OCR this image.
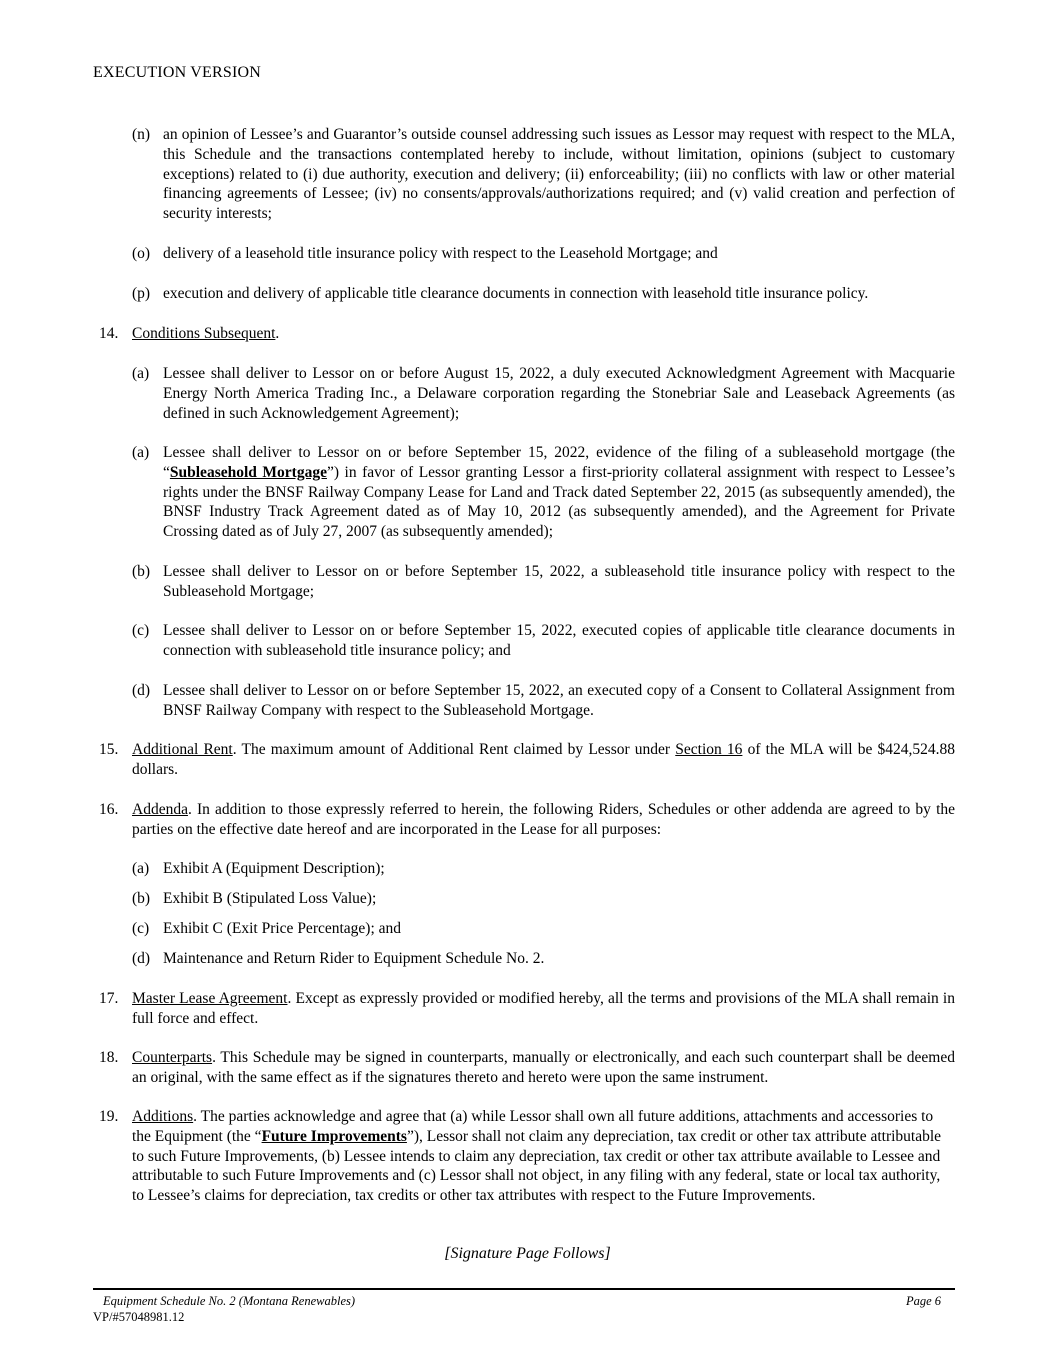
EXECUTION VERSION
(n) an opinion of Lessee’s and Guarantor’s outside counsel addressing such issues as Lessor may request with respect to the MLA, this Schedule and the transactions contemplated hereby to include, without limitation, opinions (subject to customary exceptions) related to (i) due authority, execution and delivery; (ii) enforceability; (iii) no conflicts with law or other material financing agreements of Lessee; (iv) no consents/approvals/authorizations required; and (v) valid creation and perfection of security interests;
(o) delivery of a leasehold title insurance policy with respect to the Leasehold Mortgage; and
(p) execution and delivery of applicable title clearance documents in connection with leasehold title insurance policy.
14. Conditions Subsequent.
(a) Lessee shall deliver to Lessor on or before August 15, 2022, a duly executed Acknowledgment Agreement with Macquarie Energy North America Trading Inc., a Delaware corporation regarding the Stonebriar Sale and Leaseback Agreements (as defined in such Acknowledgement Agreement);
(a) Lessee shall deliver to Lessor on or before September 15, 2022, evidence of the filing of a subleasehold mortgage (the “Subleasehold Mortgage”) in favor of Lessor granting Lessor a first-priority collateral assignment with respect to Lessee’s rights under the BNSF Railway Company Lease for Land and Track dated September 22, 2015 (as subsequently amended), the BNSF Industry Track Agreement dated as of May 10, 2012 (as subsequently amended), and the Agreement for Private Crossing dated as of July 27, 2007 (as subsequently amended);
(b) Lessee shall deliver to Lessor on or before September 15, 2022, a subleasehold title insurance policy with respect to the Subleasehold Mortgage;
(c) Lessee shall deliver to Lessor on or before September 15, 2022, executed copies of applicable title clearance documents in connection with subleasehold title insurance policy; and
(d) Lessee shall deliver to Lessor on or before September 15, 2022, an executed copy of a Consent to Collateral Assignment from BNSF Railway Company with respect to the Subleasehold Mortgage.
15. Additional Rent. The maximum amount of Additional Rent claimed by Lessor under Section 16 of the MLA will be $424,524.88 dollars.
16. Addenda. In addition to those expressly referred to herein, the following Riders, Schedules or other addenda are agreed to by the parties on the effective date hereof and are incorporated in the Lease for all purposes:
(a) Exhibit A (Equipment Description);
(b) Exhibit B (Stipulated Loss Value);
(c) Exhibit C (Exit Price Percentage); and
(d) Maintenance and Return Rider to Equipment Schedule No. 2.
17. Master Lease Agreement. Except as expressly provided or modified hereby, all the terms and provisions of the MLA shall remain in full force and effect.
18. Counterparts. This Schedule may be signed in counterparts, manually or electronically, and each such counterpart shall be deemed an original, with the same effect as if the signatures thereto and hereto were upon the same instrument.
19. Additions. The parties acknowledge and agree that (a) while Lessor shall own all future additions, attachments and accessories to the Equipment (the “Future Improvements”), Lessor shall not claim any depreciation, tax credit or other tax attribute attributable to such Future Improvements, (b) Lessee intends to claim any depreciation, tax credit or other tax attribute available to Lessee and attributable to such Future Improvements and (c) Lessor shall not object, in any filing with any federal, state or local tax authority, to Lessee’s claims for depreciation, tax credits or other tax attributes with respect to the Future Improvements.
[Signature Page Follows]
Equipment Schedule No. 2 (Montana Renewables)	Page 6
VP/#57048981.12
